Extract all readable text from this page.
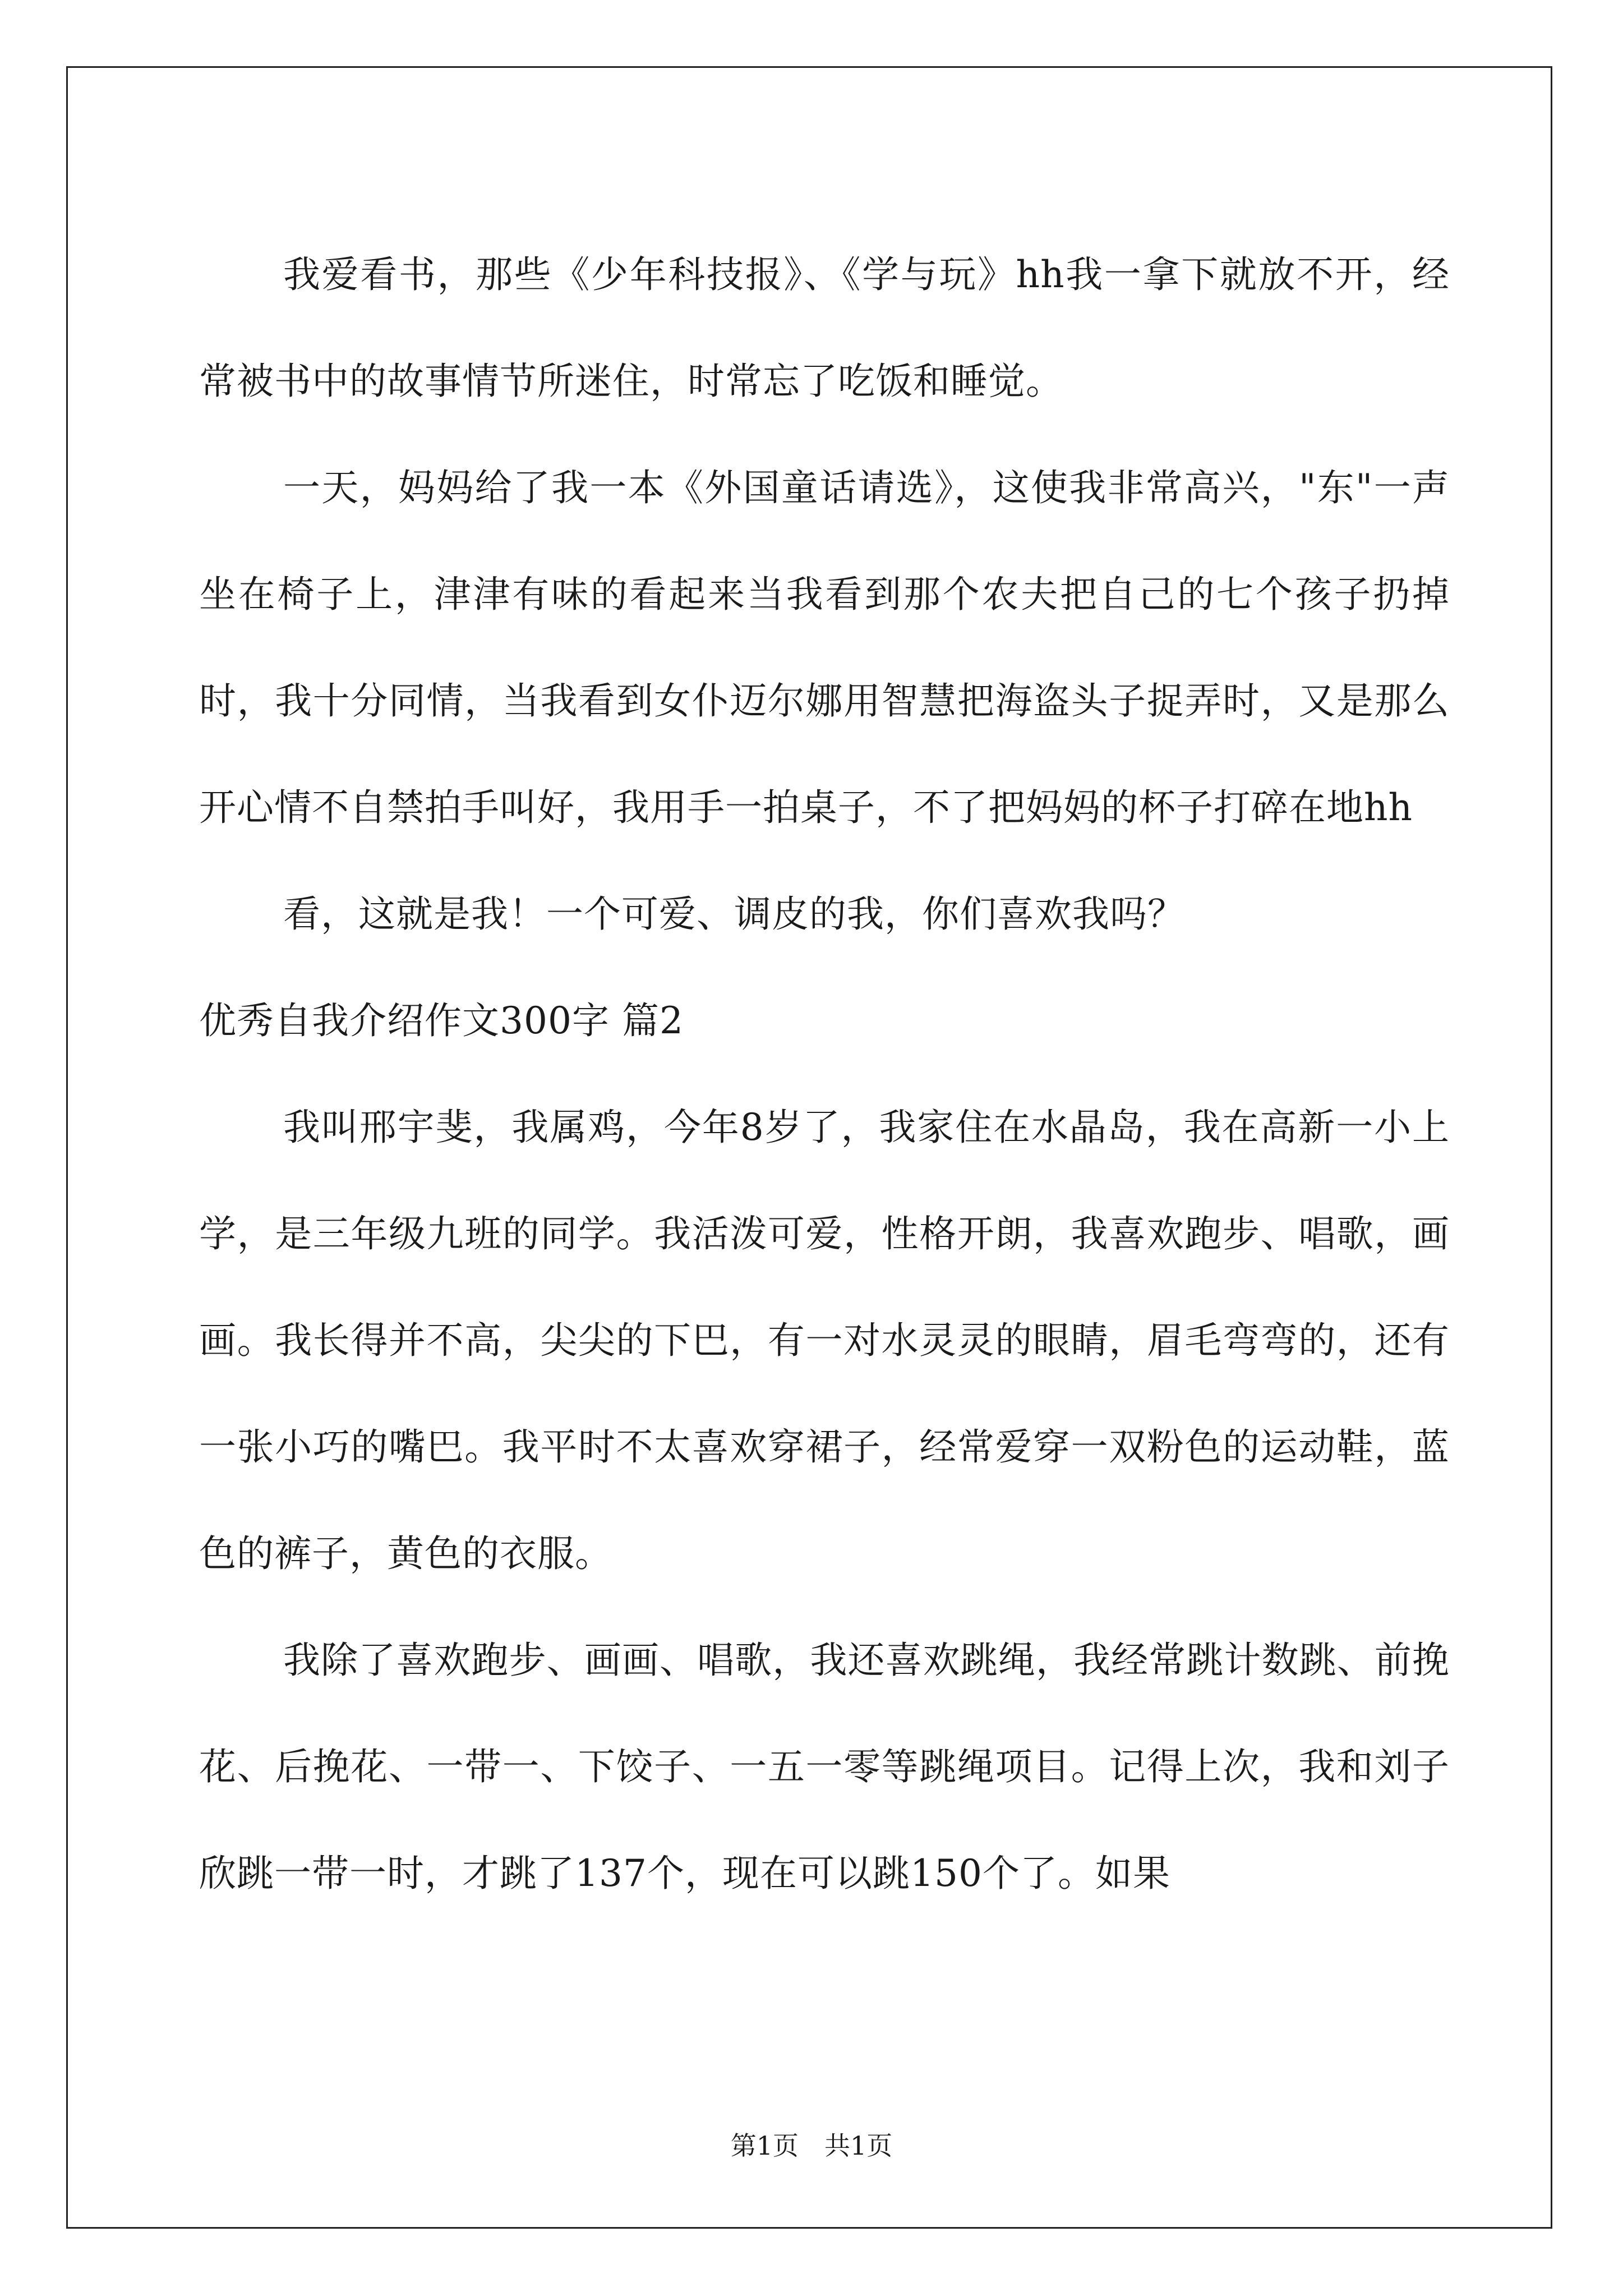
我爱看书，那些《少年科技报》、《学与玩》hh我一拿下就放不开，经常被书中的故事情节所迷住，时常忘了吃饭和睡觉。

一天，妈妈给了我一本《外国童话请选》，这使我非常高兴，"东"一声坐在椅子上，津津有味的看起来当我看到那个农夫把自己的七个孩子扔掉时，我十分同情，当我看到女仆迈尔娜用智慧把海盗头子捉弄时，又是那么开心情不自禁拍手叫好，我用手一拍桌子，不了把妈妈的杯子打碎在地hh

看，这就是我！一个可爱、调皮的我，你们喜欢我吗？

优秀自我介绍作文300字 篇2

我叫邢宇斐，我属鸡，今年8岁了，我家住在水晶岛，我在高新一小上学，是三年级九班的同学。我活泼可爱，性格开朗，我喜欢跑步、唱歌，画画。我长得并不高，尖尖的下巴，有一对水灵灵的眼睛，眉毛弯弯的，还有一张小巧的嘴巴。我平时不太喜欢穿裙子，经常爱穿一双粉色的运动鞋，蓝色的裤子，黄色的衣服。

我除了喜欢跑步、画画、唱歌，我还喜欢跳绳，我经常跳计数跳、前挽花、后挽花、一带一、下饺子、一五一零等跳绳项目。记得上次，我和刘子欣跳一带一时，才跳了137个，现在可以跳150个了。如果

第1页　共1页
